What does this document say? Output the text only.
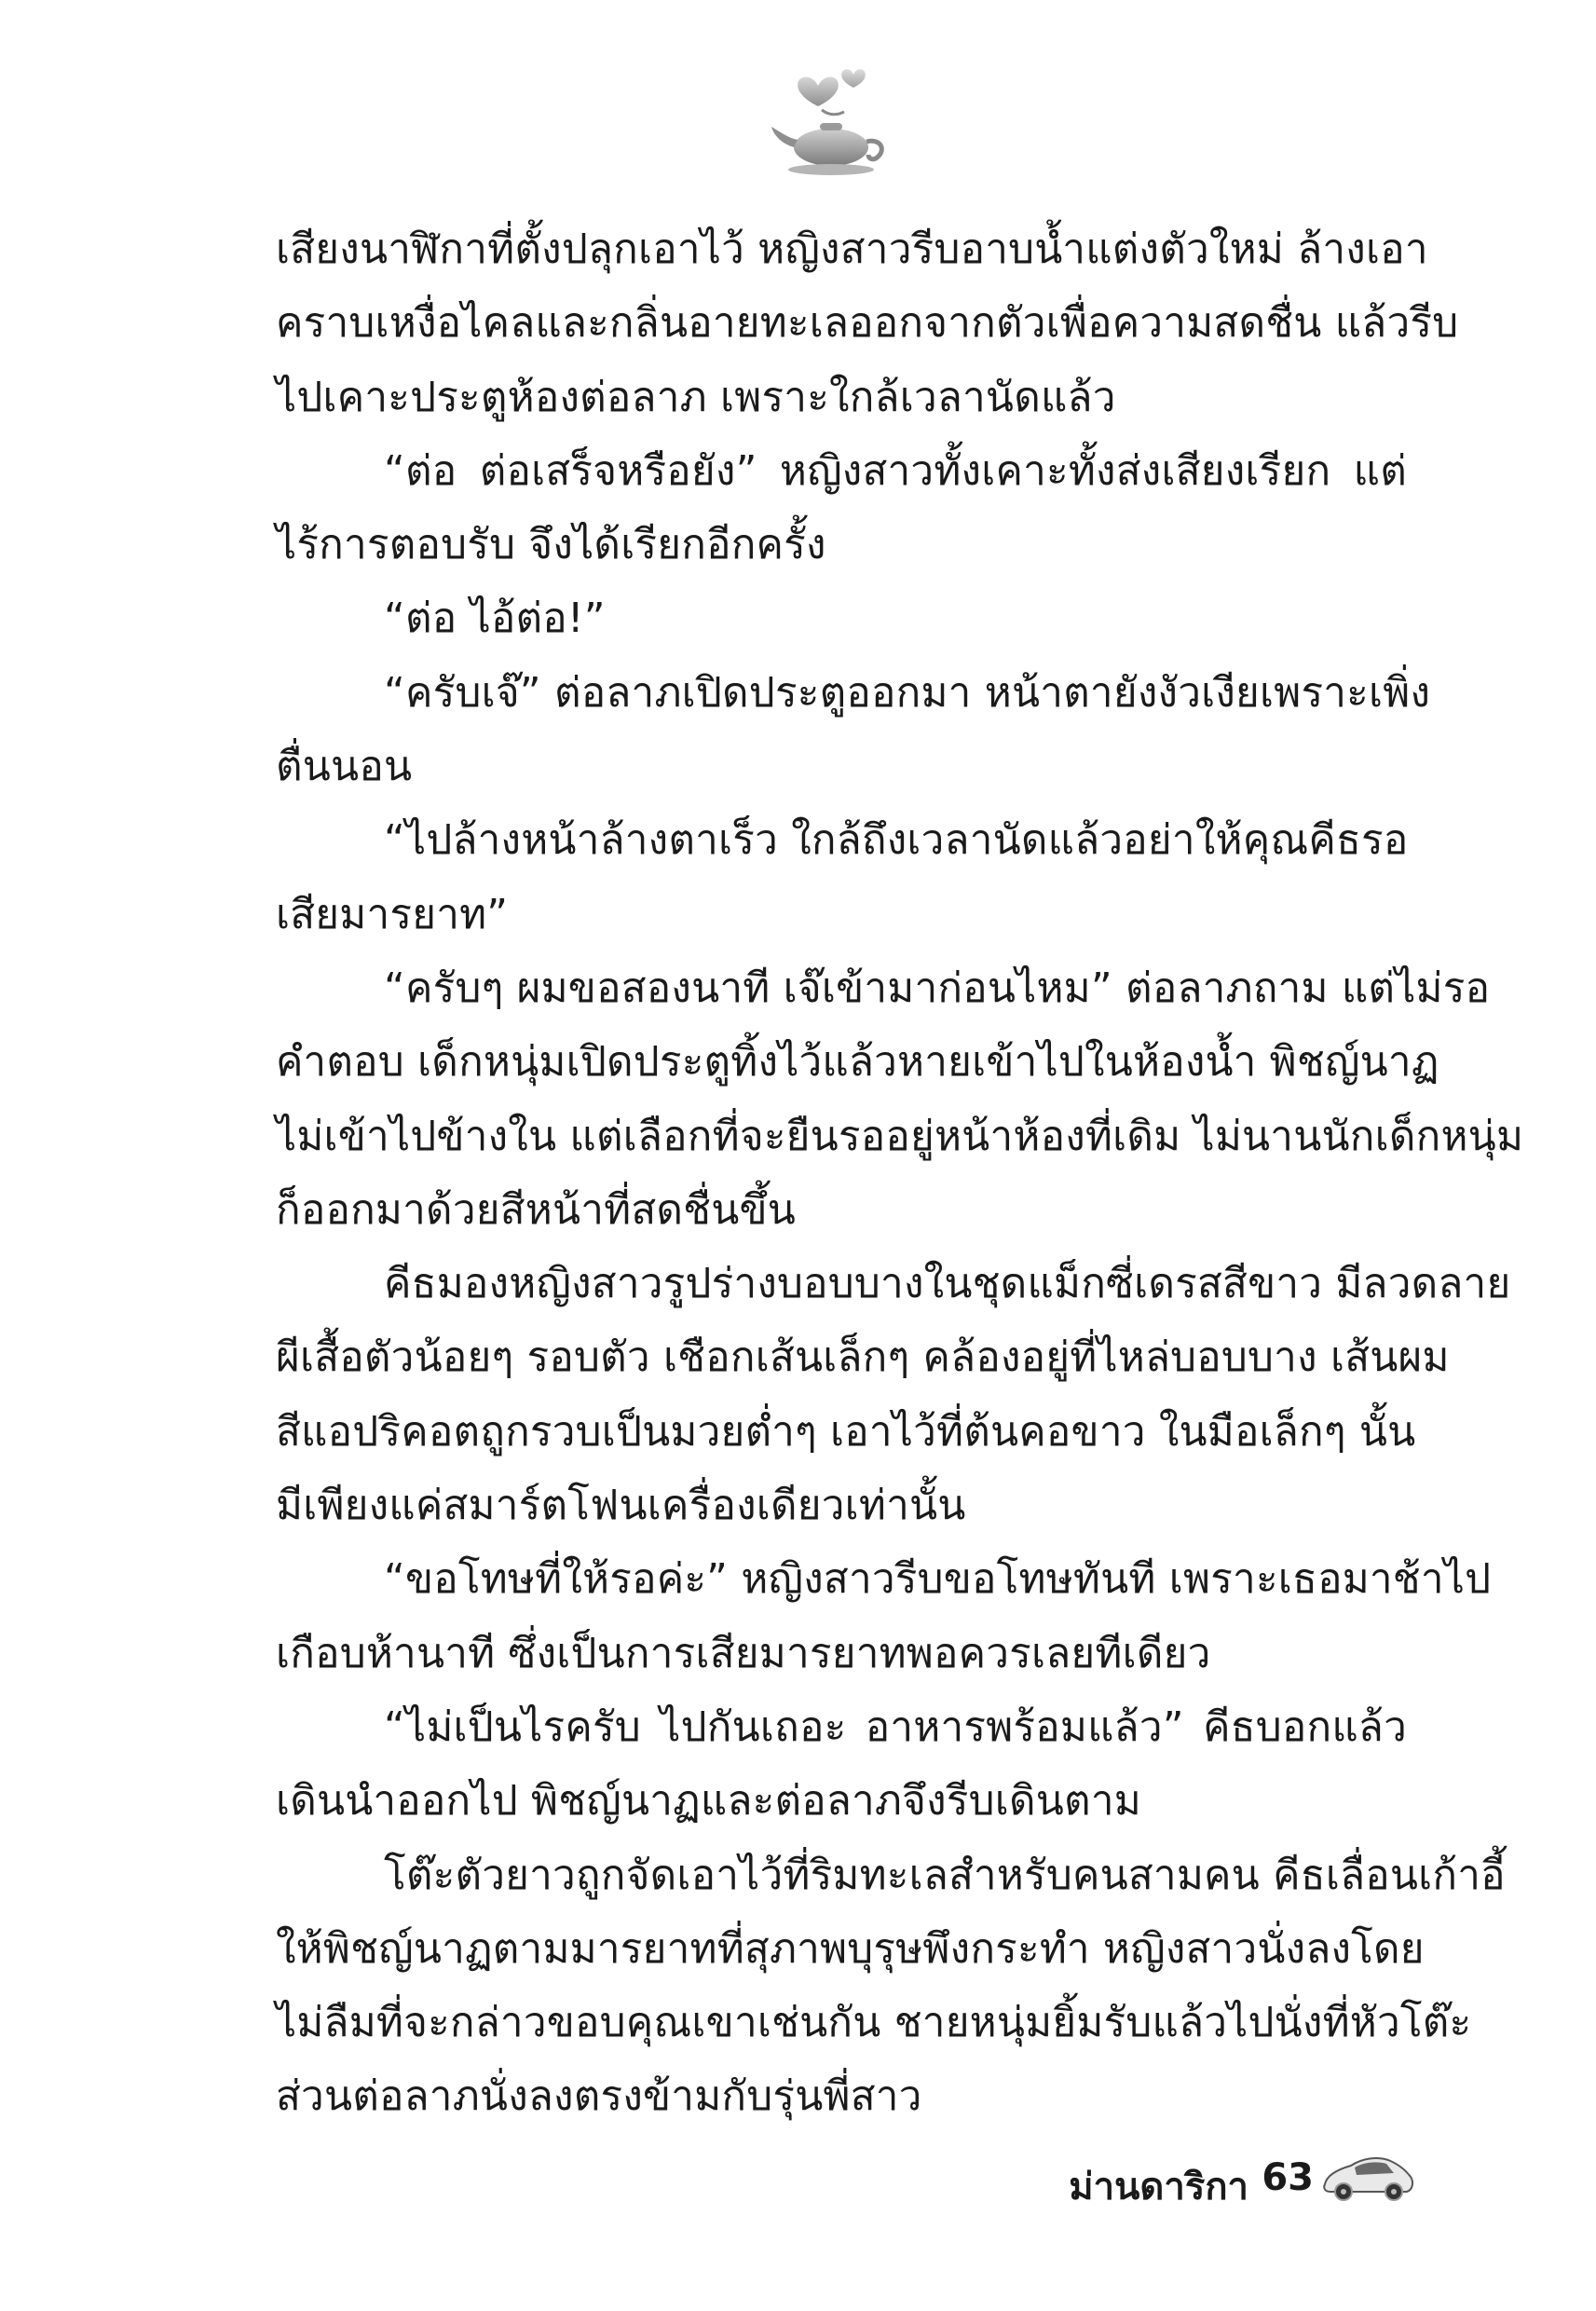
เสียงนาฬิกาที่ตั้งปลุกเอาไว้ หญิงสาวรีบอาบน้ำแต่งตัวใหม่ ล้างเอา
คราบเหงื่อไคลและกลิ่นอายทะเลออกจากตัวเพื่อความสดชื่น แล้วรีบ
ไปเคาะประตูห้องต่อลาภ เพราะใกล้เวลานัดแล้ว
“ต่อ ต่อเสร็จหรือยัง” หญิงสาวทั้งเคาะทั้งส่งเสียงเรียก แต่
ไร้การตอบรับ จึงได้เรียกอีกครั้ง
“ต่อ ไอ้ต่อ!”
“ครับเจ๊” ต่อลาภเปิดประตูออกมา หน้าตายังงัวเงียเพราะเพิ่ง
ตื่นนอน
“ไปล้างหน้าล้างตาเร็ว ใกล้ถึงเวลานัดแล้วอย่าให้คุณคีธรอ
เสียมารยาท”
“ครับๆ ผมขอสองนาที เจ๊เข้ามาก่อนไหม” ต่อลาภถาม แต่ไม่รอ
คำตอบ เด็กหนุ่มเปิดประตูทิ้งไว้แล้วหายเข้าไปในห้องน้ำ พิชญ์นาฏ
ไม่เข้าไปข้างใน แต่เลือกที่จะยืนรออยู่หน้าห้องที่เดิม ไม่นานนักเด็กหนุ่ม
ก็ออกมาด้วยสีหน้าที่สดชื่นขึ้น
คีธมองหญิงสาวรูปร่างบอบบางในชุดแม็กซี่เดรสสีขาว มีลวดลาย
ผีเสื้อตัวน้อยๆ รอบตัว เชือกเส้นเล็กๆ คล้องอยู่ที่ไหล่บอบบาง เส้นผม
สีแอปริคอตถูกรวบเป็นมวยต่ำๆ เอาไว้ที่ต้นคอขาว ในมือเล็กๆ นั้น
มีเพียงแค่สมาร์ตโฟนเครื่องเดียวเท่านั้น
“ขอโทษที่ให้รอค่ะ” หญิงสาวรีบขอโทษทันที เพราะเธอมาช้าไป
เกือบห้านาที ซึ่งเป็นการเสียมารยาทพอควรเลยทีเดียว
“ไม่เป็นไรครับ ไปกันเถอะ อาหารพร้อมแล้ว” คีธบอกแล้ว
เดินนำออกไป พิชญ์นาฏและต่อลาภจึงรีบเดินตาม
โต๊ะตัวยาวถูกจัดเอาไว้ที่ริมทะเลสำหรับคนสามคน คีธเลื่อนเก้าอี้
ให้พิชญ์นาฏตามมารยาทที่สุภาพบุรุษพึงกระทำ หญิงสาวนั่งลงโดย
ไม่ลืมที่จะกล่าวขอบคุณเขาเช่นกัน ชายหนุ่มยิ้มรับแล้วไปนั่งที่หัวโต๊ะ
ส่วนต่อลาภนั่งลงตรงข้ามกับรุ่นพี่สาว
ม่านดาริกา 63
